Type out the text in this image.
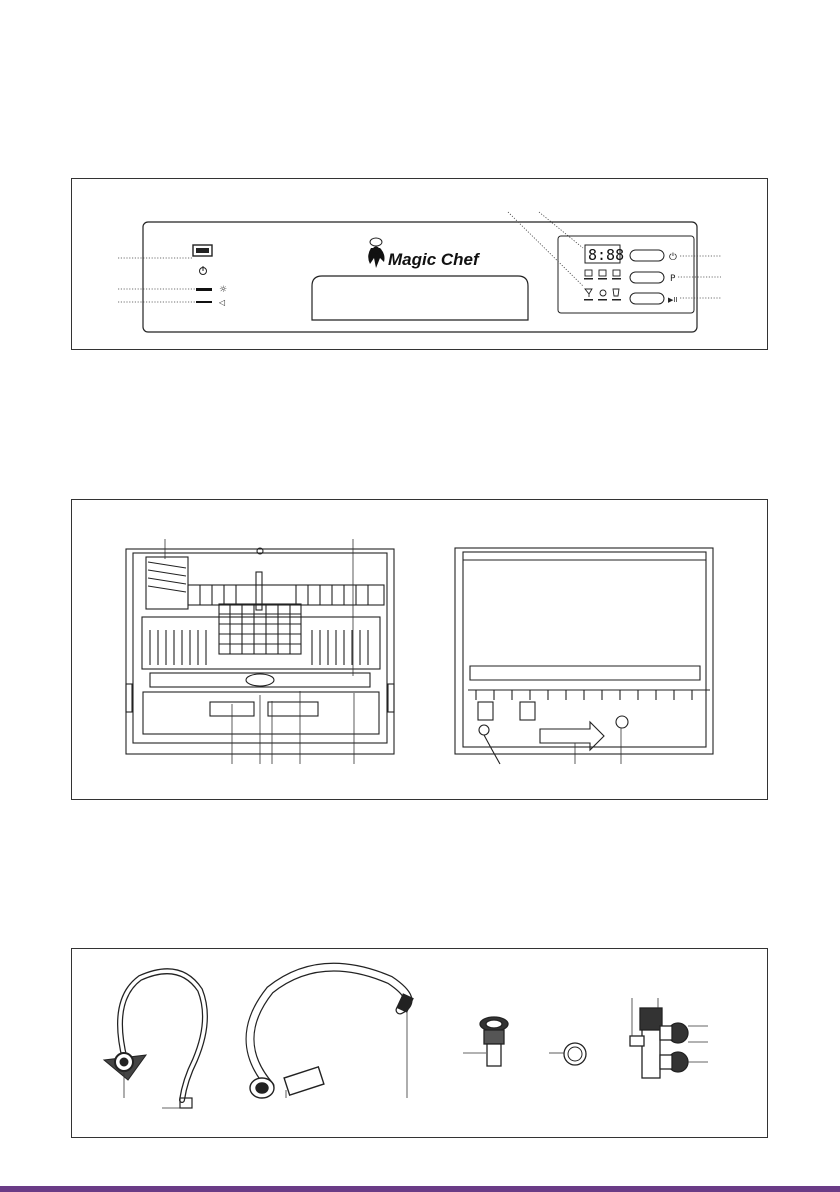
☼
◁
Magic Chef	8:88	⏻
P
▶II
